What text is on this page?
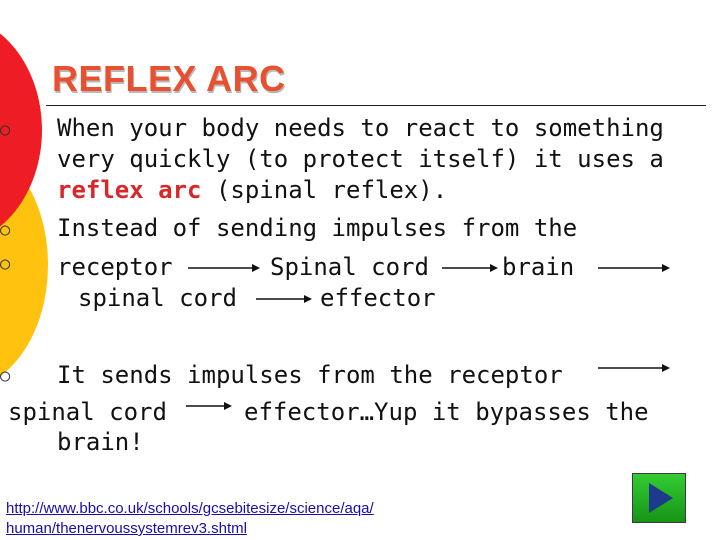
REFLEX ARC
○
○
○
○
When your body needs to react to something
very quickly (to protect itself) it uses a
reflex arc (spinal reflex).
Instead of sending impulses from the
receptor	Spinal cord	brain
spinal cord	effector
It sends impulses from the receptor
spinal cord	effector…Yup it bypasses the
brain!
http://www.bbc.co.uk/schools/gcsebitesize/science/aqa/
human/thenervoussystemrev3.shtml
